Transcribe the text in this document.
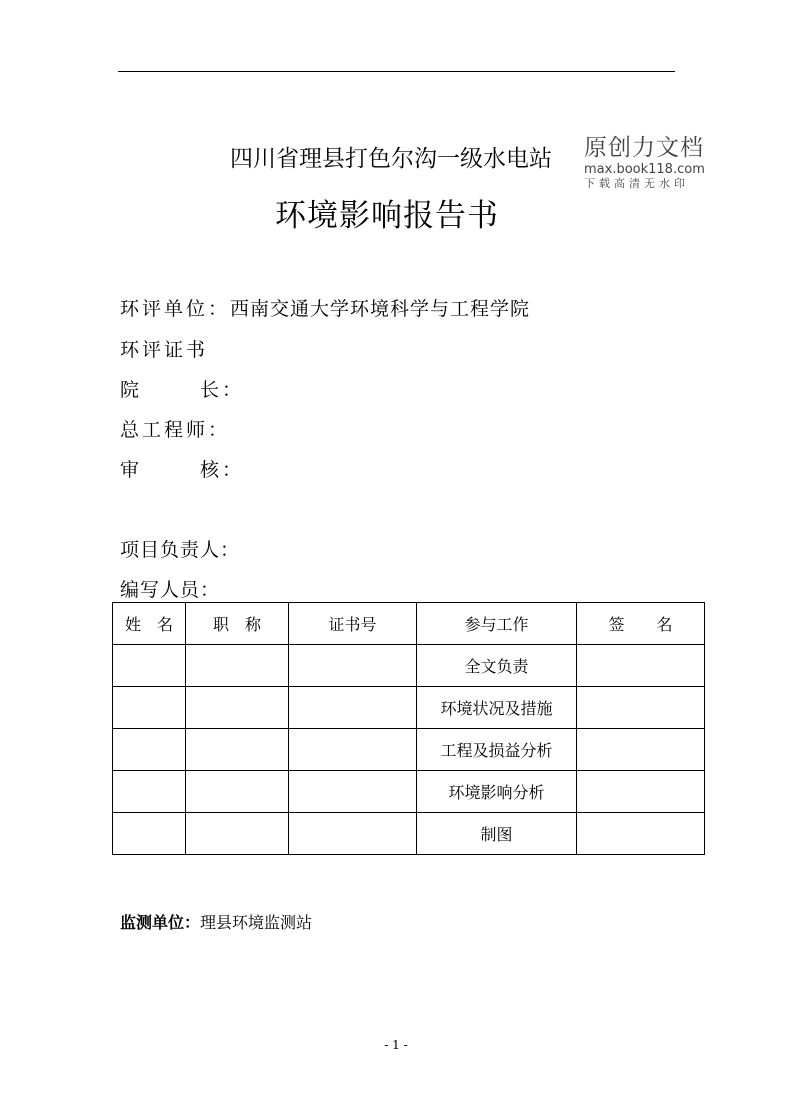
四川省理县打色尔沟一级水电站
环境影响报告书
原创力文档
max.book118.com
下载高清无水印
环评单位：西南交通大学环境科学与工程学院
环评证书
院	长：
总工程师：
审	核：
项目负责人：
编写人员：
姓　名	职　称	证书号	参与工作	签　　名
			全文负责	
			环境状况及措施	
			工程及损益分析	
			环境影响分析	
			制图	
监测单位：理县环境监测站
- 1 -
